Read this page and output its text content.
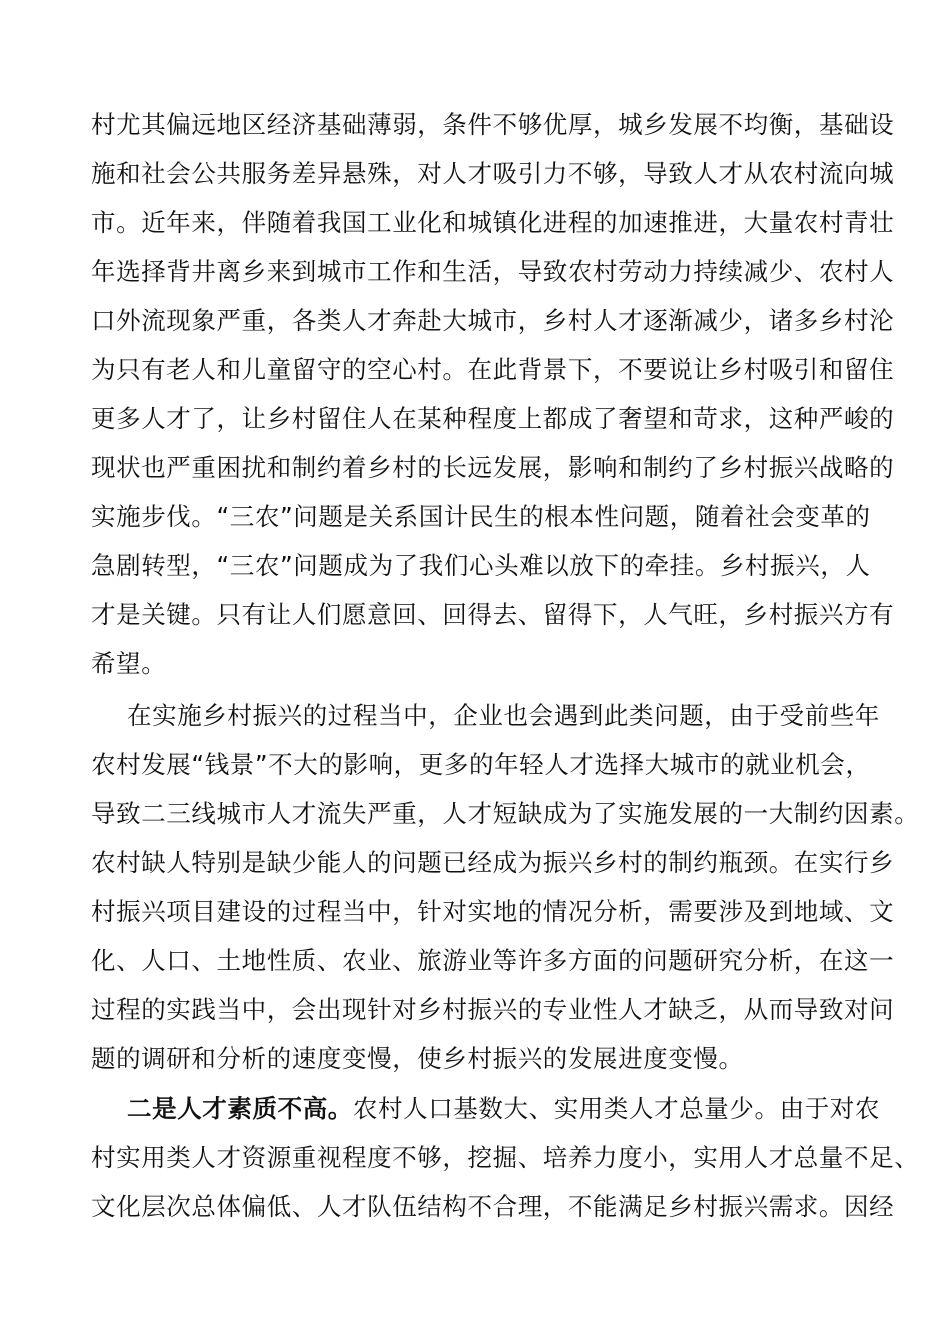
村尤其偏远地区经济基础薄弱，条件不够优厚，城乡发展不均衡，基础设
施和社会公共服务差异悬殊，对人才吸引力不够，导致人才从农村流向城
市。近年来，伴随着我国工业化和城镇化进程的加速推进，大量农村青壮
年选择背井离乡来到城市工作和生活，导致农村劳动力持续减少、农村人
口外流现象严重，各类人才奔赴大城市，乡村人才逐渐减少，诸多乡村沦
为只有老人和儿童留守的空心村。在此背景下，不要说让乡村吸引和留住
更多人才了，让乡村留住人在某种程度上都成了奢望和苛求，这种严峻的
现状也严重困扰和制约着乡村的长远发展，影响和制约了乡村振兴战略的
实施步伐。“三农”问题是关系国计民生的根本性问题，随着社会变革的
急剧转型，“三农”问题成为了我们心头难以放下的牵挂。乡村振兴，人
才是关键。只有让人们愿意回、回得去、留得下，人气旺，乡村振兴方有
希望。
在实施乡村振兴的过程当中，企业也会遇到此类问题，由于受前些年
农村发展“钱景”不大的影响，更多的年轻人才选择大城市的就业机会，
导致二三线城市人才流失严重，人才短缺成为了实施发展的一大制约因素。
农村缺人特别是缺少能人的问题已经成为振兴乡村的制约瓶颈。在实行乡
村振兴项目建设的过程当中，针对实地的情况分析，需要涉及到地域、文
化、人口、土地性质、农业、旅游业等许多方面的问题研究分析，在这一
过程的实践当中，会出现针对乡村振兴的专业性人才缺乏，从而导致对问
题的调研和分析的速度变慢，使乡村振兴的发展进度变慢。
二是人才素质不高。农村人口基数大、实用类人才总量少。由于对农
村实用类人才资源重视程度不够，挖掘、培养力度小，实用人才总量不足、
文化层次总体偏低、人才队伍结构不合理，不能满足乡村振兴需求。因经
